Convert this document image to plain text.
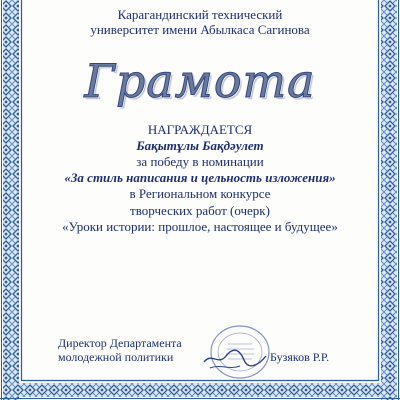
Карагандинский технический
университет имени Абылкаса Сагинова
Грамота
НАГРАЖДАЕТСЯ
Бақытұлы Бақдәулет
за победу в номинации
«За стиль написания и цельность изложения»
в Региональном конкурсе
творческих работ (очерк)
«Уроки истории: прошлое, настоящее и будущее»
Директор Департамента
молодежной политики	Бузяков Р.Р.
